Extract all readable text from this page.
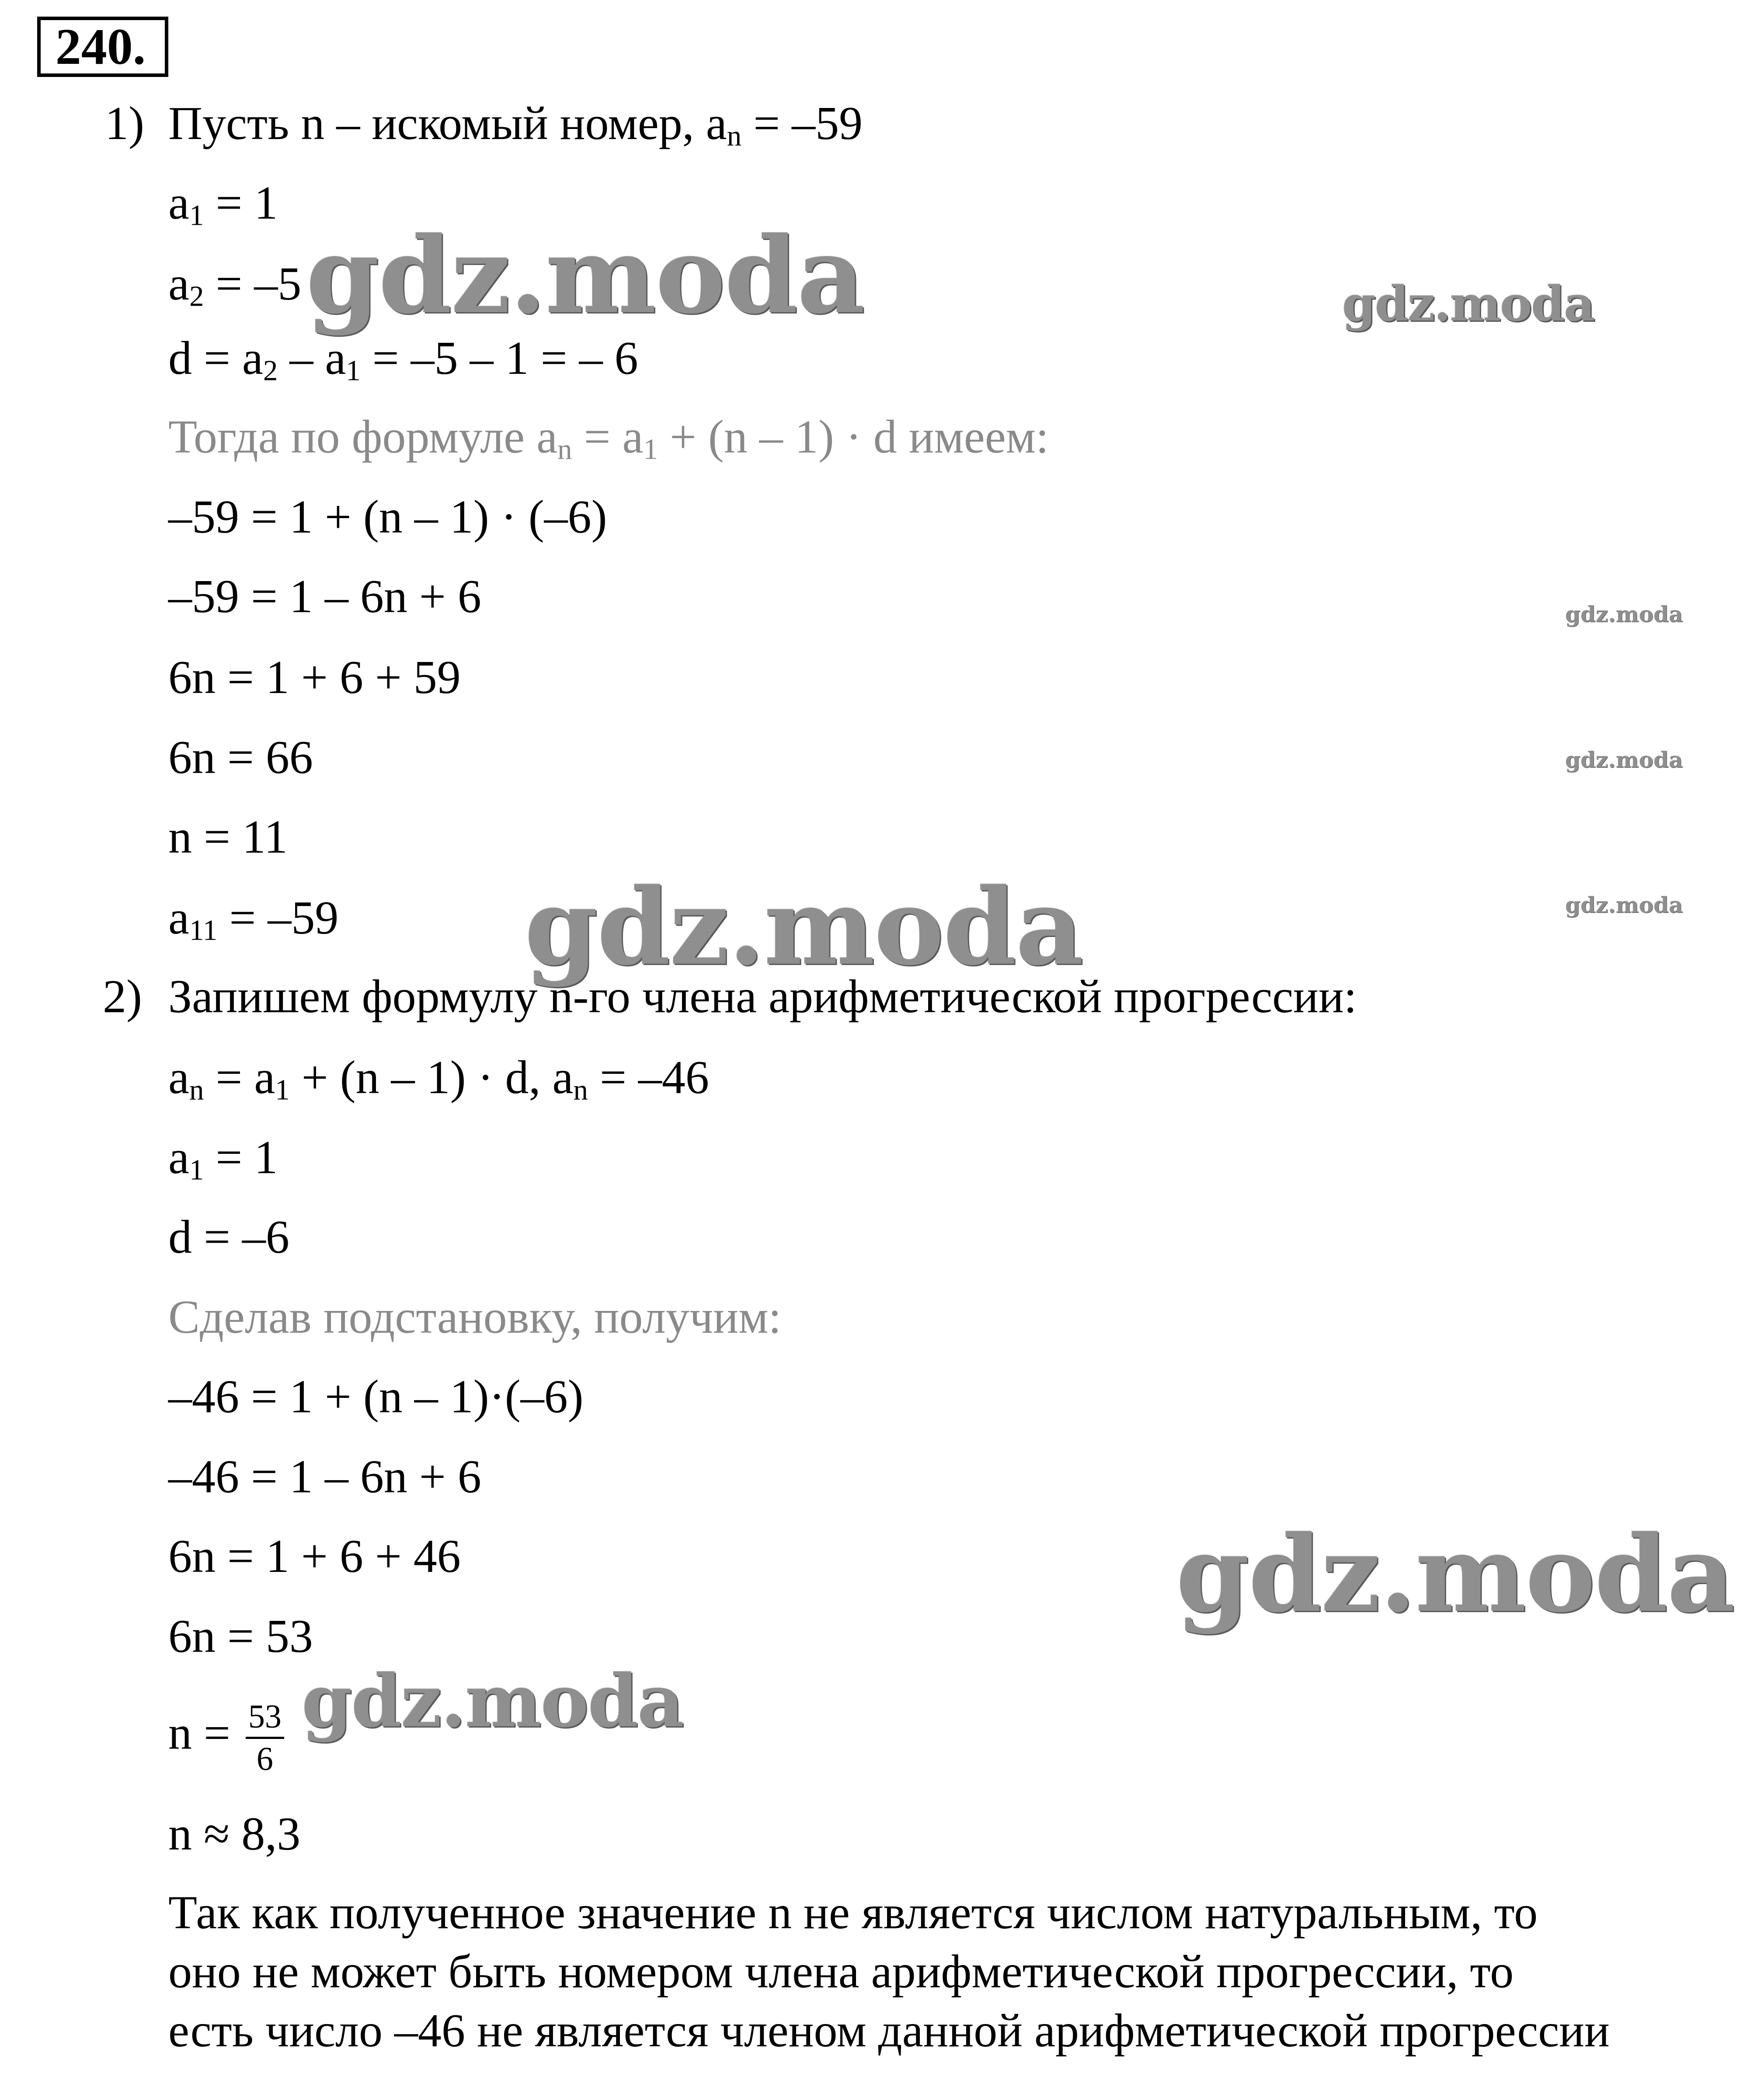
240.
1) Пусть n – искомый номер, $a_n = -59$
$a_1 = 1$
$a_2 = -5$
$d = a_2 - a_1 = -5 - 1$ = – 6
Тогда по формуле $a_n = a_1 + (n - 1) \cdot d$ имеем:
–59 = 1 + (n – 1) · (–6)
–59 = 1 – 6n + 6
6n = 1 + 6 + 59
6n = 66
n = 11
$a_{11} = -59$
2) Запишем формулу n-го члена арифметической прогрессии:
$a_n = a_1 + (n - 1) \cdot d$, $a_n = -46$
$a_1 = 1$
d = –6
Сделав подстановку, получим:
–46 = 1 + (n – 1)·(–6)
–46 = 1 – 6n + 6
6n = 1 + 6 + 46
6n = 53
$n = \frac{53}{6}$
n ≈ 8,3
Так как полученное значение n не является числом натуральным, то
оно не может быть номером члена арифметической прогрессии, то
есть число –46 не является членом данной арифметической прогрессии
gdz.moda	gdz.moda
gdz.moda
gdz.moda
gdz.moda
gdz.moda
gdz.moda
gdz.moda
